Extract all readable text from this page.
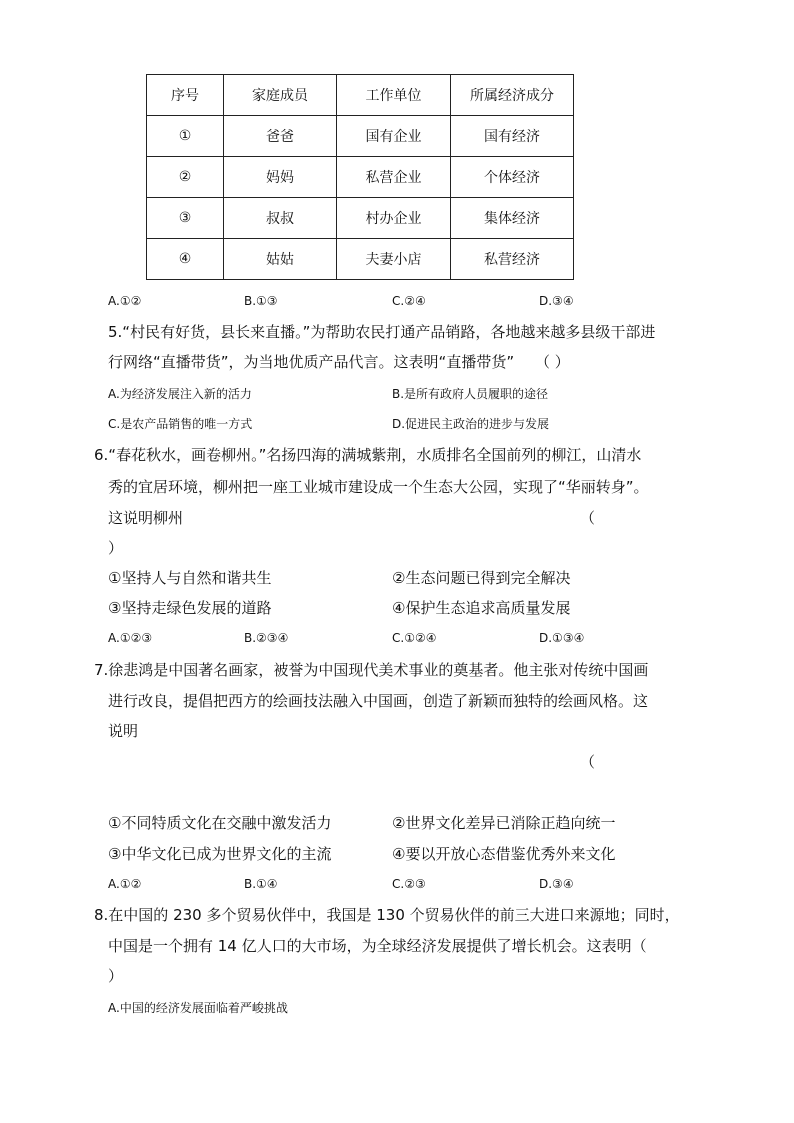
序号	家庭成员	工作单位	所属经济成分
①	爸爸	国有企业	国有经济
②	妈妈	私营企业	个体经济
③	叔叔	村办企业	集体经济
④	姑姑	夫妻小店	私营经济
A.①②	B.①③	C.②④	D.③④
5.“村民有好货，县长来直播。”为帮助农民打通产品销路，各地越来越多县级干部进
行网络“直播带货”，为当地优质产品代言。这表明“直播带货” （ ）
A.为经济发展注入新的活力	B.是所有政府人员履职的途径
C.是农产品销售的唯一方式	D.促进民主政治的进步与发展
6.“春花秋水，画卷柳州。”名扬四海的满城紫荆，水质排名全国前列的柳江，山清水
秀的宜居环境，柳州把一座工业城市建设成一个生态大公园，实现了“华丽转身”。
这说明柳州	（
）
①坚持人与自然和谐共生	②生态问题已得到完全解决
③坚持走绿色发展的道路	④保护生态追求高质量发展
A.①②③	B.②③④	C.①②④	D.①③④
7.徐悲鸿是中国著名画家，被誉为中国现代美术事业的奠基者。他主张对传统中国画
进行改良，提倡把西方的绘画技法融入中国画，创造了新颖而独特的绘画风格。这
说明
（
①不同特质文化在交融中激发活力	②世界文化差异已消除正趋向统一
③中华文化已成为世界文化的主流	④要以开放心态借鉴优秀外来文化
A.①②	B.①④	C.②③	D.③④
8.在中国的 230 多个贸易伙伴中，我国是 130 个贸易伙伴的前三大进口来源地；同时，
中国是一个拥有 14 亿人口的大市场，为全球经济发展提供了增长机会。这表明（
）
A.中国的经济发展面临着严峻挑战
